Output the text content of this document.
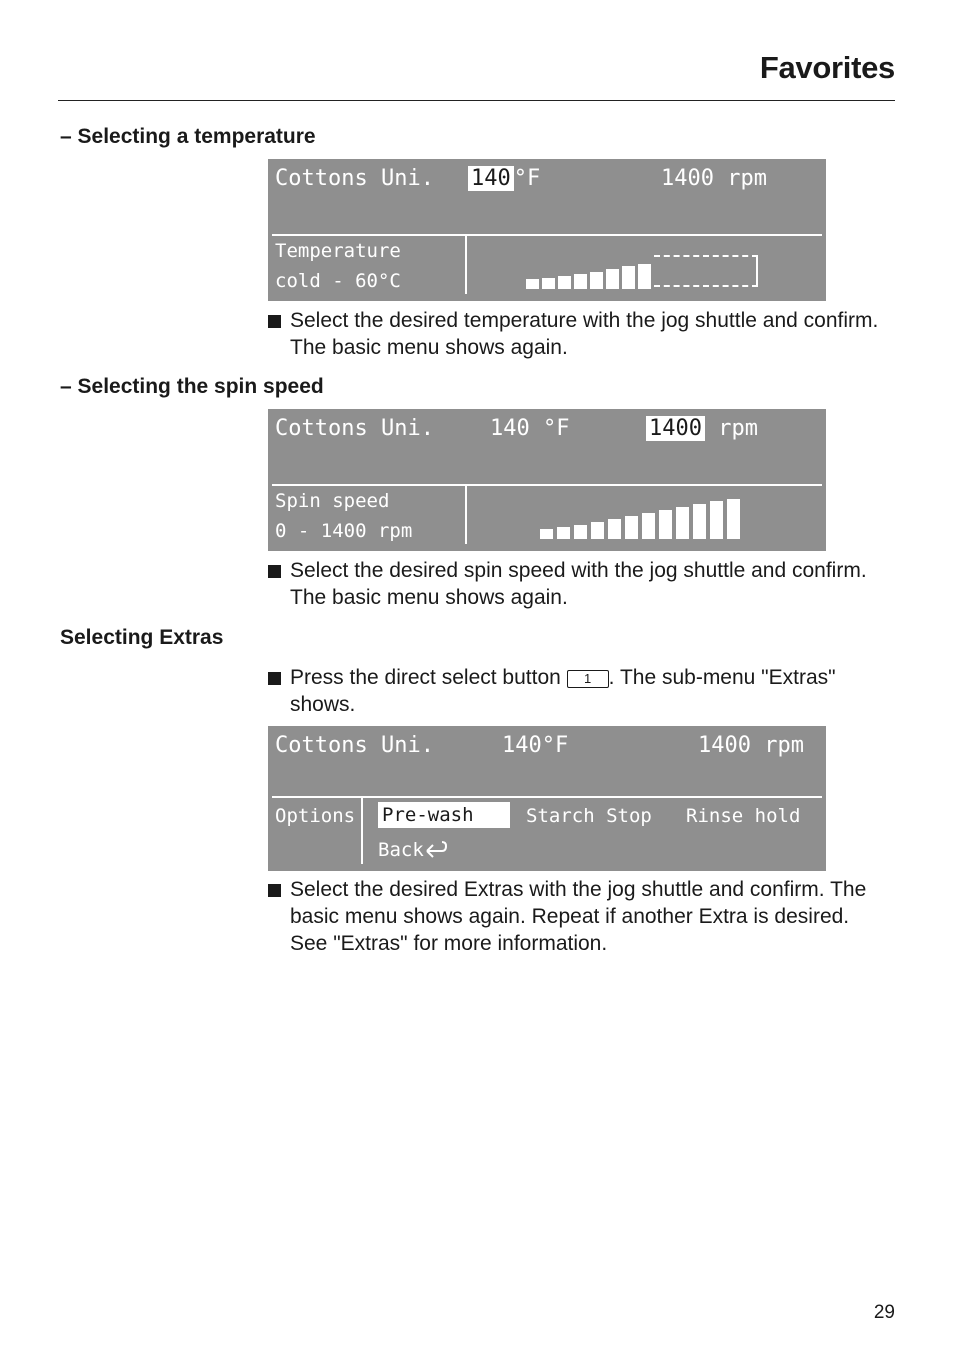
Favorites
– Selecting a temperature
Cottons Uni. 140 °F	1400 rpm
Temperature
cold - 60°C
Select the desired temperature with the jog shuttle and confirm. The basic menu shows again.
– Selecting the spin speed
Cottons Uni.	140 °F	1400 rpm
Spin speed
0 - 1400 rpm
Select the desired spin speed with the jog shuttle and confirm. The basic menu shows again.
Selecting Extras
Press the direct select button 1 . The sub-menu "Extras" shows.
Cottons Uni.	140°F	1400 rpm
Options Pre-wash	Starch Stop Rinse hold
Back
Select the desired Extras with the jog shuttle and confirm. The basic menu shows again. Repeat if another Extra is desired. See "Extras" for more information.
29
